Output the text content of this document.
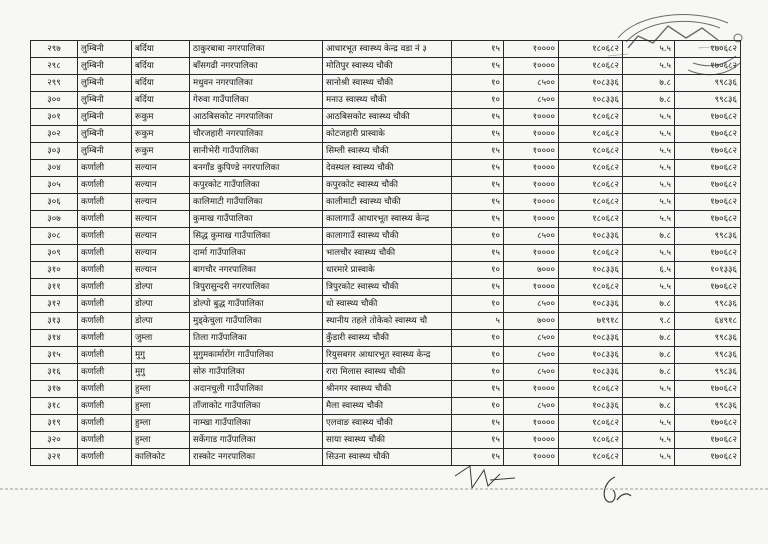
२९७	लुम्बिनी	बर्दिया	ठाकुरबाबा नगरपालिका	आधारभूत स्वास्थ्य केन्द्र वडा नं ३	१५	१००००	१८०६८२	५.५	१७०६८२
२९८	लुम्बिनी	बर्दिया	बाँसगढी नगरपालिका	मोतिपुर स्वास्थ्य चौकी	१५	१००००	१८०६८२	५.५	१७०६८२
२९९	लुम्बिनी	बर्दिया	मधुवन नगरपालिका	सानोश्री स्वास्थ्य चौकी	१०	८५००	१०८३३६	७.८	९९८३६
३००	लुम्बिनी	बर्दिया	गेरुवा गाउँपालिका	मनाउ स्वास्थ्य चौकी	१०	८५००	१०८३३६	७.८	९९८३६
३०१	लुम्बिनी	रूकुम	आठबिसकोट नगरपालिका	आठबिसकोट स्वास्थ्य चौकी	१५	१००००	१८०६८२	५.५	१७०६८२
३०२	लुम्बिनी	रूकुम	चौरजहारी नगरपालिका	कोटजहारी प्रास्वाके	१५	१००००	१८०६८२	५.५	१७०६८२
३०३	लुम्बिनी	रूकुम	सानीभेरी गाउँपालिका	सिम्ली स्वास्थ्य चौकी	१५	१००००	१८०६८२	५.५	१७०६८२
३०४	कर्णाली	सल्यान	बनगाँड कुपिण्डे नगरपालिका	देवस्थल स्वास्थ्य चौकी	१५	१००००	१८०६८२	५.५	१७०६८२
३०५	कर्णाली	सल्यान	कपुरकोट गाउँपालिका	कपुरकोट स्वास्थ्य चौकी	१५	१००००	१८०६८२	५.५	१७०६८२
३०६	कर्णाली	सल्यान	कालिमाटी गाउँपालिका	कालीमाटी स्वास्थ्य चौकी	१५	१००००	१८०६८२	५.५	१७०६८२
३०७	कर्णाली	सल्यान	कुमाख गाउँपालिका	कालागाउँ आधारभूत स्वास्थ्य केन्द्र	१५	१००००	१८०६८२	५.५	१७०६८२
३०८	कर्णाली	सल्यान	सिद्ध कुमाख गाउँपालिका	कालागाउँ स्वास्थ्य चौकी	१०	८५००	१०८३३६	७.८	९९८३६
३०९	कर्णाली	सल्यान	दार्मा गाउँपालिका	भालचौर स्वास्थ्य चौकी	१५	१००००	१८०६८२	५.५	१७०६८२
३१०	कर्णाली	सल्यान	बागचौर नगरपालिका	धारमारे प्रास्वाके	१०	७०००	१०८३३६	६.५	१०१३३६
३११	कर्णाली	डोल्पा	त्रिपुरासुन्दरी नगरपालिका	त्रिपुरकोट स्वास्थ्य चौकी	१५	१००००	१८०६८२	५.५	१७०६८२
३१२	कर्णाली	डोल्पा	डोल्पो बुद्ध गाउँपालिका	धो स्वास्थ्य चौकी	१०	८५००	१०८३३६	७.८	९९८३६
३१३	कर्णाली	डोल्पा	मुड्केचुला गाउँपालिका	स्थानीय तहले तोकेको स्वास्थ्य चौ	५	७०००	७१९१८	९.८	६४९१८
३१४	कर्णाली	जुम्ला	तिला गाउँपालिका	कुँडारी स्वास्थ्य चौकी	१०	८५००	१०८३३६	७.८	९९८३६
३१५	कर्णाली	मुगु	मुगुमकार्मारोंग गाउँपालिका	रियुसबगर आधारभूत स्वास्थ्य केन्द्र	१०	८५००	१०८३३६	७.८	९९८३६
३१६	कर्णाली	मुगु	सोरु गाउँपालिका	रारा मिलास स्वास्थ्य चौकी	१०	८५००	१०८३३६	७.८	९९८३६
३१७	कर्णाली	हुम्ला	अदानचुली गाउँपालिका	श्रीनगर स्वास्थ्य चौकी	१५	१००००	१८०६८२	५.५	१७०६८२
३१८	कर्णाली	हुम्ला	ताँजाकोट गाउँपालिका	मैला स्वास्थ्य चौकी	१०	८५००	१०८३३६	७.८	९९८३६
३१९	कर्णाली	हुम्ला	नाम्खा गाउँपालिका	एलवाङ स्वास्थ्य चौकी	१५	१००००	१८०६८२	५.५	१७०६८२
३२०	कर्णाली	हुम्ला	सर्केगाड गाउँपालिका	साया स्वास्थ्य चौकी	१५	१००००	१८०६८२	५.५	१७०६८२
३२१	कर्णाली	कालिकोट	रास्कोट नगरपालिका	सिउना स्वास्थ्य चौकी	१५	१००००	१८०६८२	५.५	१७०६८२
